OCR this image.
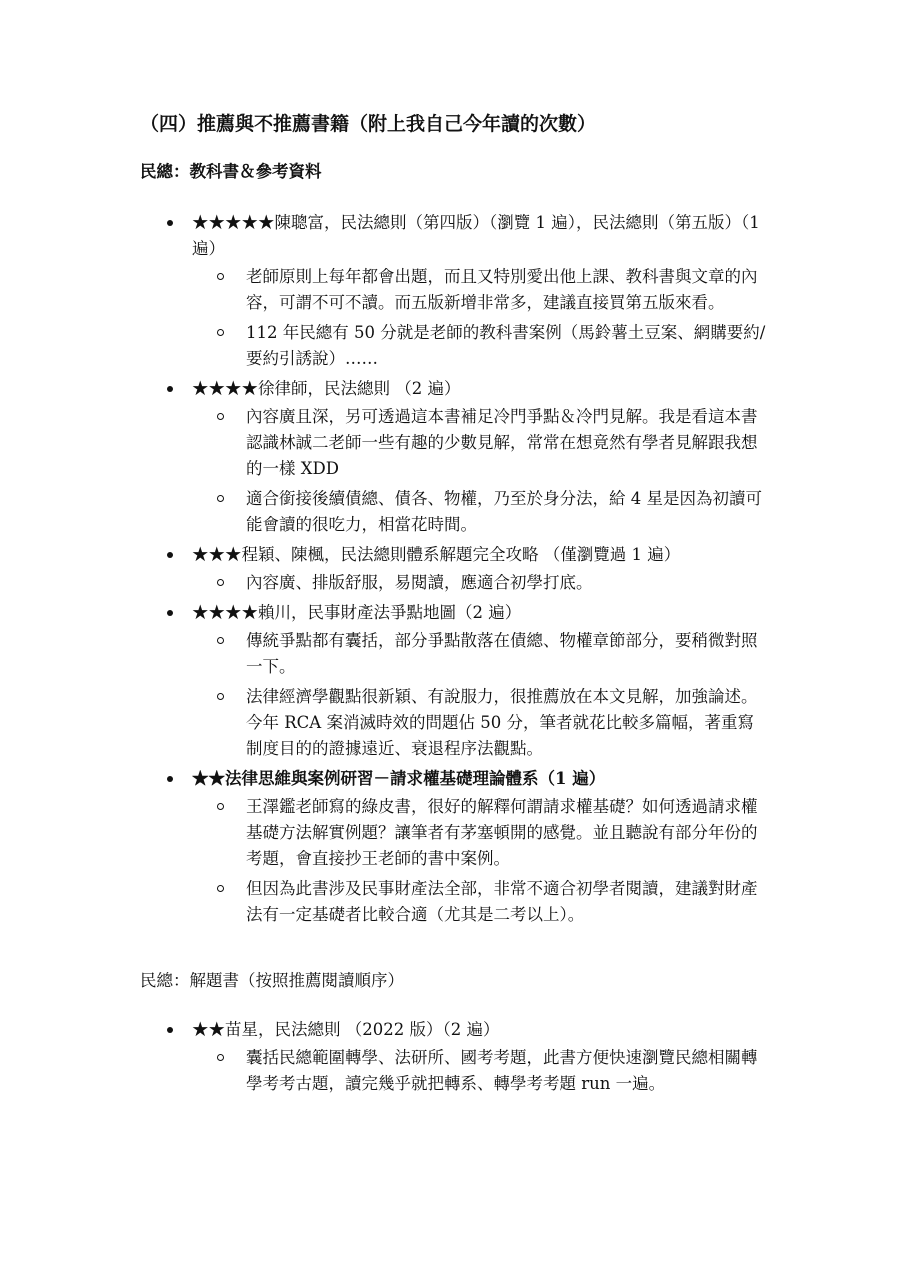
（四）推薦與不推薦書籍（附上我自己今年讀的次數）

民總：教科書＆參考資料

★★★★★陳聰富，民法總則（第四版）（瀏覽 1 遍），民法總則（第五版）（1 遍）
老師原則上每年都會出題，而且又特別愛出他上課、教科書與文章的內容，可謂不可不讀。而五版新增非常多，建議直接買第五版來看。
112 年民總有 50 分就是老師的教科書案例（馬鈴薯土豆案、網購要約/要約引誘說）……
★★★★徐律師，民法總則 （2 遍）
內容廣且深，另可透過這本書補足冷門爭點＆冷門見解。我是看這本書認識林誠二老師一些有趣的少數見解，常常在想竟然有學者見解跟我想的一樣 XDD
適合銜接後續債總、債各、物權，乃至於身分法，給 4 星是因為初讀可能會讀的很吃力，相當花時間。
★★★程穎、陳楓，民法總則體系解題完全攻略 （僅瀏覽過 1 遍）
內容廣、排版舒服，易閱讀，應適合初學打底。
★★★★賴川，民事財產法爭點地圖（2 遍）
傳統爭點都有囊括，部分爭點散落在債總、物權章節部分，要稍微對照一下。
法律經濟學觀點很新穎、有說服力，很推薦放在本文見解，加強論述。今年 RCA 案消滅時效的問題佔 50 分，筆者就花比較多篇幅，著重寫制度目的的證據遠近、衰退程序法觀點。
★★法律思維與案例研習－請求權基礎理論體系（1 遍）
王澤鑑老師寫的綠皮書，很好的解釋何謂請求權基礎？如何透過請求權基礎方法解實例題？讓筆者有茅塞頓開的感覺。並且聽說有部分年份的考題，會直接抄王老師的書中案例。
但因為此書涉及民事財產法全部，非常不適合初學者閱讀，建議對財產法有一定基礎者比較合適（尤其是二考以上）。

民總：解題書（按照推薦閱讀順序）

★★苗星，民法總則 （2022 版）（2 遍）
囊括民總範圍轉學、法研所、國考考題，此書方便快速瀏覽民總相關轉學考考古題，讀完幾乎就把轉系、轉學考考題 run 一遍。
